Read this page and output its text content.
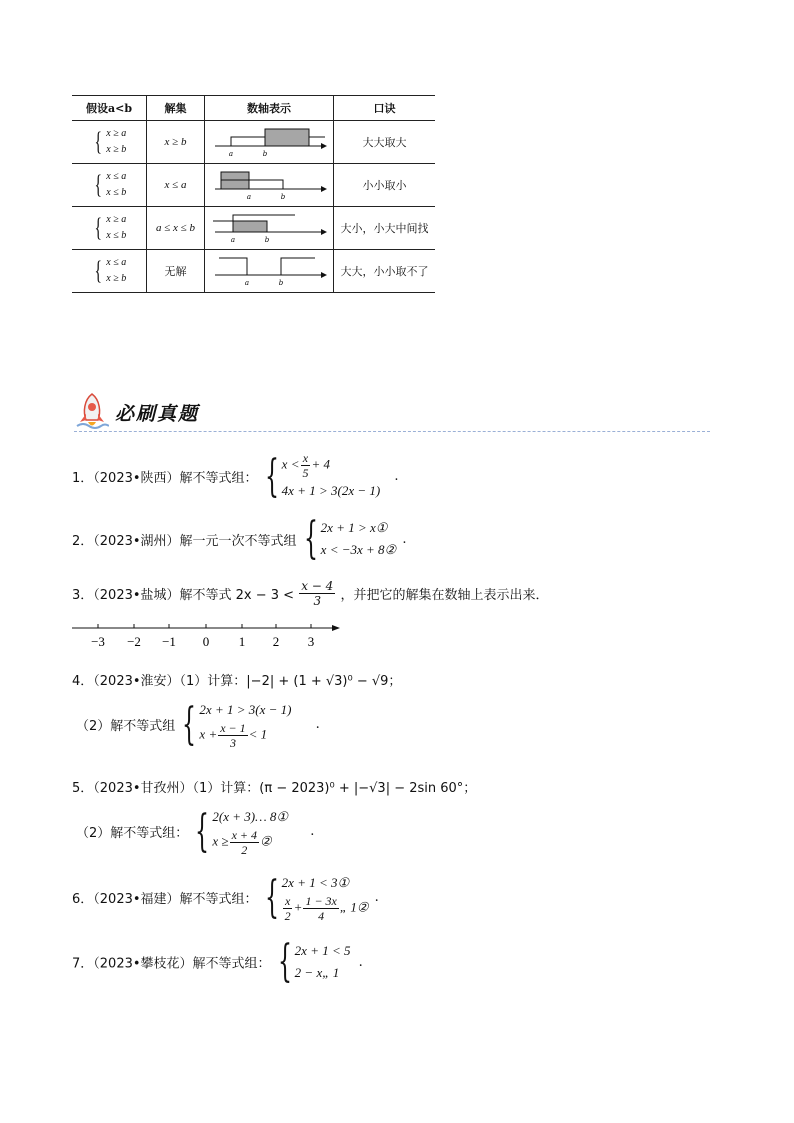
假设a<b	解集	数轴表示	口诀

{ x ≥ a
x ≥ b	x ≥ b	a b	大大取大

{ x ≤ a
x ≤ b	x ≤ a	a b	小小取小

{ x ≥ a
x ≤ b	a ≤ x ≤ b	a b	大小，小大中间找

{ x ≤ a
x ≥ b	无解	a b	大大，小小取不了
必刷真题
1．（2023•陕西）解不等式组： { $x < \frac{x}{5} + 4$
4x + 1 > 3(2x − 1)
.
2．（2023•湖州）解一元一次不等式组 { 2x + 1 > x①
x < −3x + 8②
.
3．（2023•盐城）解不等式 $2x - 3 < \frac{x - 4}{3}$ ，并把它的解集在数轴上表示出来．
−3 −2 −1 0 1 2 3
4．（2023•淮安）（1）计算：|−2| + (1 + √3)⁰ − √9；
（2）解不等式组 { 2x + 1 > 3(x − 1)
$x + \frac{x - 1}{3} < 1$
.
5．（2023•甘孜州）（1）计算：(π − 2023)⁰ + |−√3| − 2sin 60°；
（2）解不等式组： { 2(x + 3)… 8①
$x \ge \frac{x + 4}{2}$ ②
.
6．（2023•福建）解不等式组： { 2x + 1 < 3①
$\frac{x}{2} + \frac{1 - 3x}{4}$ „ 1②
.
7．（2023•攀枝花）解不等式组： { 2x + 1 < 5
2 − x„ 1
.
